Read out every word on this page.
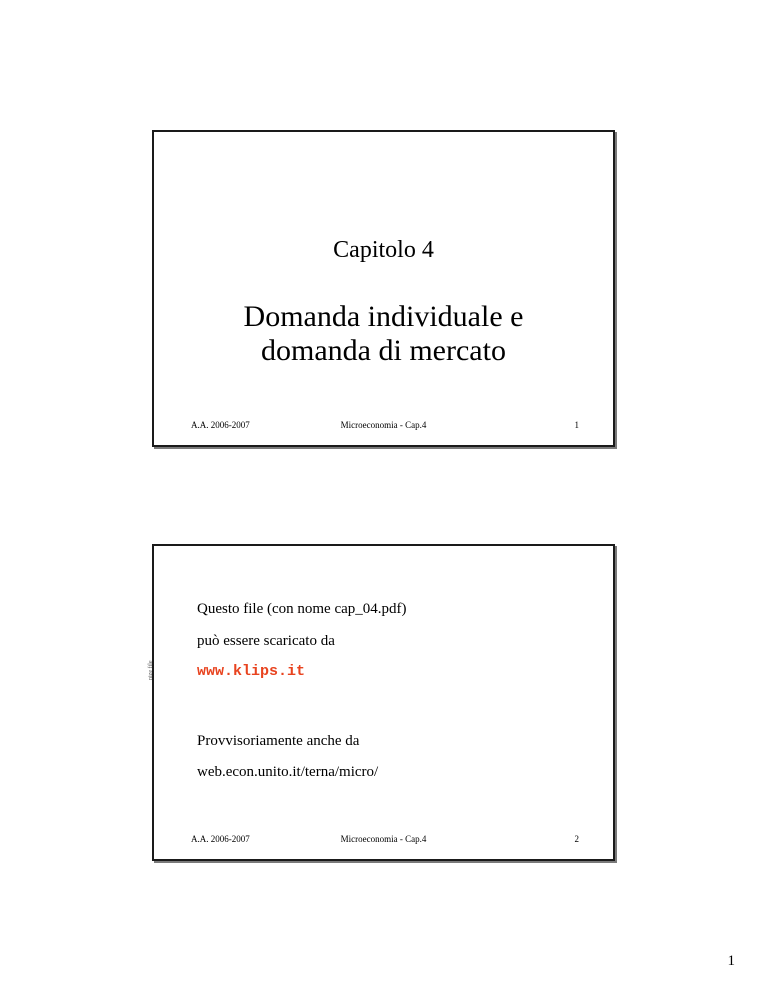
Capitolo 4
Domanda individuale e
domanda di mercato
A.A. 2006-2007	Microeconomia - Cap.4	1
Questo file (con nome cap_04.pdf)
può essere scaricato da
www.klips.it
Provvisoriamente anche da
web.econ.unito.it/terna/micro/
A.A. 2006-2007	Microeconomia - Cap.4	2
nize file
1
